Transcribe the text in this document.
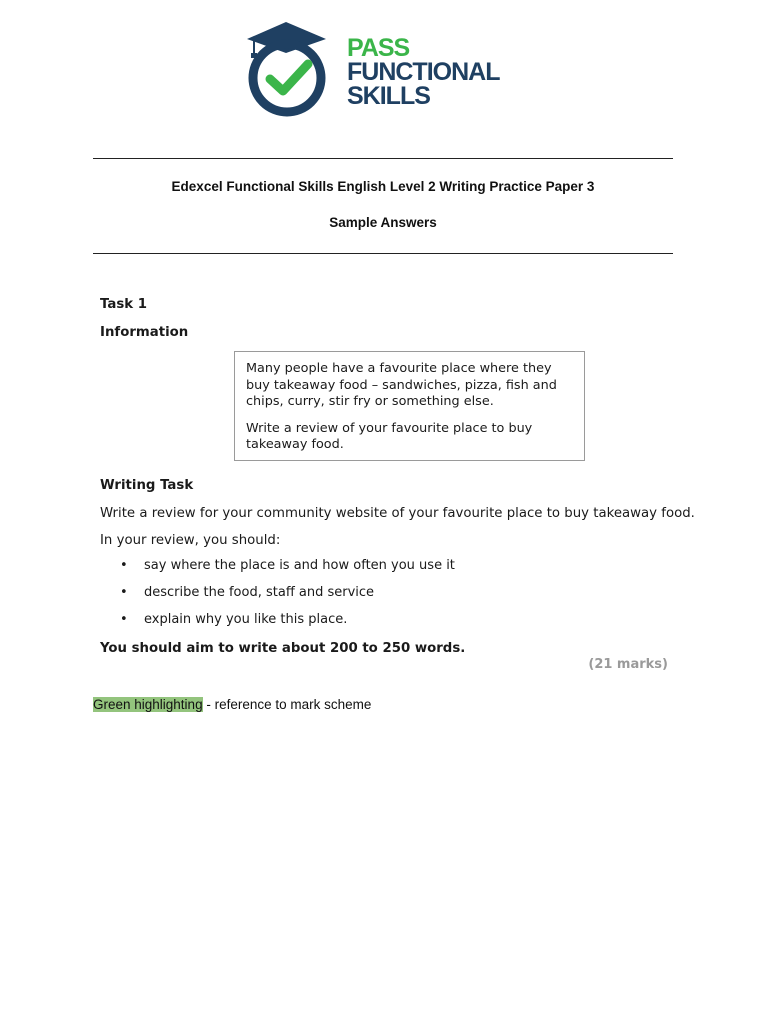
PASS
FUNCTIONAL
SKILLS
Edexcel Functional Skills English Level 2 Writing Practice Paper 3
Sample Answers
Task 1
Information

Many people have a favourite place where they buy takeaway food – sandwiches, pizza, fish and chips, curry, stir fry or something else.

Write a review of your favourite place to buy takeaway food.

Writing Task
Write a review for your community website of your favourite place to buy takeaway food.
In your review, you should:
• say where the place is and how often you use it
• describe the food, staff and service
• explain why you like this place.
You should aim to write about 200 to 250 words.
(21 marks)
Green highlighting - reference to mark scheme
